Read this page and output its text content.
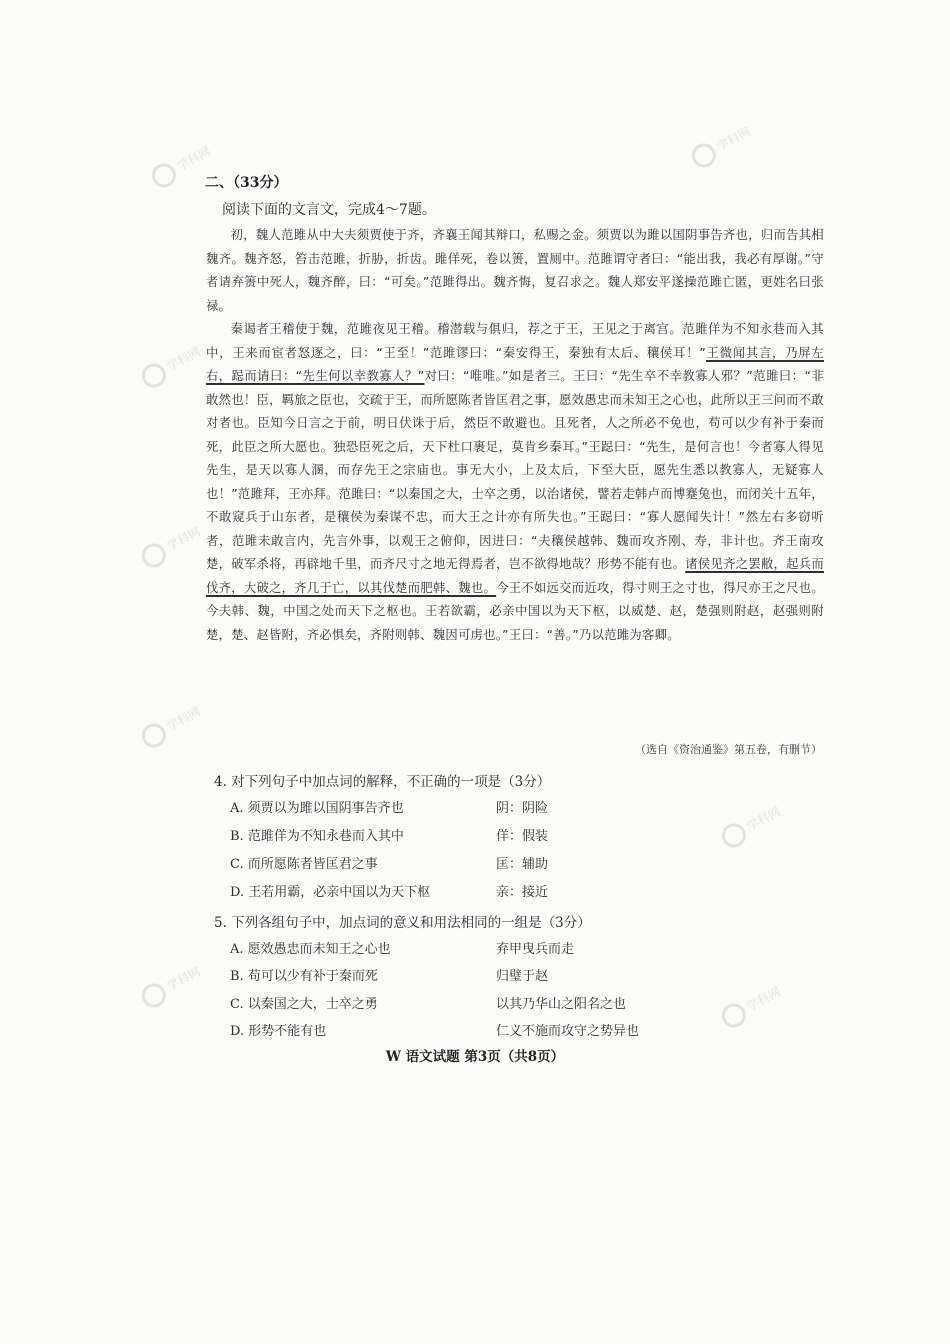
学科网
学科网
学科网
学科网
学科网
学科网
学科网
学科网
二、（33分）
阅读下面的文言文，完成4～7题。

初，魏人范雎从中大夫须贾使于齐，齐襄王闻其辩口，私赐之金。须贾以为雎以国阴事告齐也，归而告其相魏齐。魏齐怒，笞击范雎，折胁，折齿。雎佯死，卷以箦，置厕中。范雎谓守者曰：“能出我，我必有厚谢。”守者请弃箦中死人，魏齐醉，曰：“可矣。”范雎得出。魏齐悔，复召求之。魏人郑安平遂操范雎亡匿，更姓名曰张禄。

秦谒者王稽使于魏，范雎夜见王稽。稽潜载与俱归，荐之于王，王见之于离宫。范雎佯为不知永巷而入其中，王来而宦者怒逐之，曰：“王至！”范雎谬曰：“秦安得王，秦独有太后、穰侯耳！”王微闻其言，乃屏左右，跽而请曰：“先生何以幸教寡人？”对曰：“唯唯。”如是者三。王曰：“先生卒不幸教寡人邪？”范雎曰：“非敢然也！臣，羁旅之臣也，交疏于王，而所愿陈者皆匡君之事，愿效愚忠而未知王之心也，此所以王三问而不敢对者也。臣知今日言之于前，明日伏诛于后，然臣不敢避也。且死者，人之所必不免也，苟可以少有补于秦而死，此臣之所大愿也。独恐臣死之后，天下杜口裹足，莫肯乡秦耳。”王跽曰：“先生，是何言也！今者寡人得见先生，是天以寡人溷，而存先王之宗庙也。事无大小，上及太后，下至大臣，愿先生悉以教寡人，无疑寡人也！”范雎拜，王亦拜。范雎曰：“以秦国之大，士卒之勇，以治诸侯，譬若走韩卢而博蹇兔也，而闭关十五年，不敢窥兵于山东者，是穰侯为秦谋不忠，而大王之计亦有所失也。”王跽曰：“寡人愿闻失计！”然左右多窃听者，范雎未敢言内，先言外事，以观王之俯仰，因进曰：“夫穰侯越韩、魏而攻齐刚、寿，非计也。齐王南攻楚，破军杀将，再辟地千里，而齐尺寸之地无得焉者，岂不欲得地哉？形势不能有也。诸侯见齐之罢敝，起兵而伐齐，大破之，齐几于亡，以其伐楚而肥韩、魏也。今王不如远交而近攻，得寸则王之寸也，得尺亦王之尺也。今夫韩、魏，中国之处而天下之枢也。王若欲霸，必亲中国以为天下枢，以威楚、赵，楚强则附赵，赵强则附楚，楚、赵皆附，齐必惧矣，齐附则韩、魏因可虏也。”王曰：“善。”乃以范雎为客卿。

（选自《资治通鉴》第五卷，有删节）
4. 对下列句子中加点词的解释，不正确的一项是（3分）
A. 须贾以为雎以国阴事告齐也	阴：阴险
B. 范雎佯为不知永巷而入其中	佯：假装
C. 而所愿陈者皆匡君之事	匡：辅助
D. 王若用霸，必亲中国以为天下枢	亲：接近
5. 下列各组句子中，加点词的意义和用法相同的一组是（3分）
A. 愿效愚忠而未知王之心也	弃甲曳兵而走
B. 苟可以少有补于秦而死	归璧于赵
C. 以秦国之大，士卒之勇	以其乃华山之阳名之也
D. 形势不能有也	仁义不施而攻守之势异也
W 语文试题 第3页（共8页）
